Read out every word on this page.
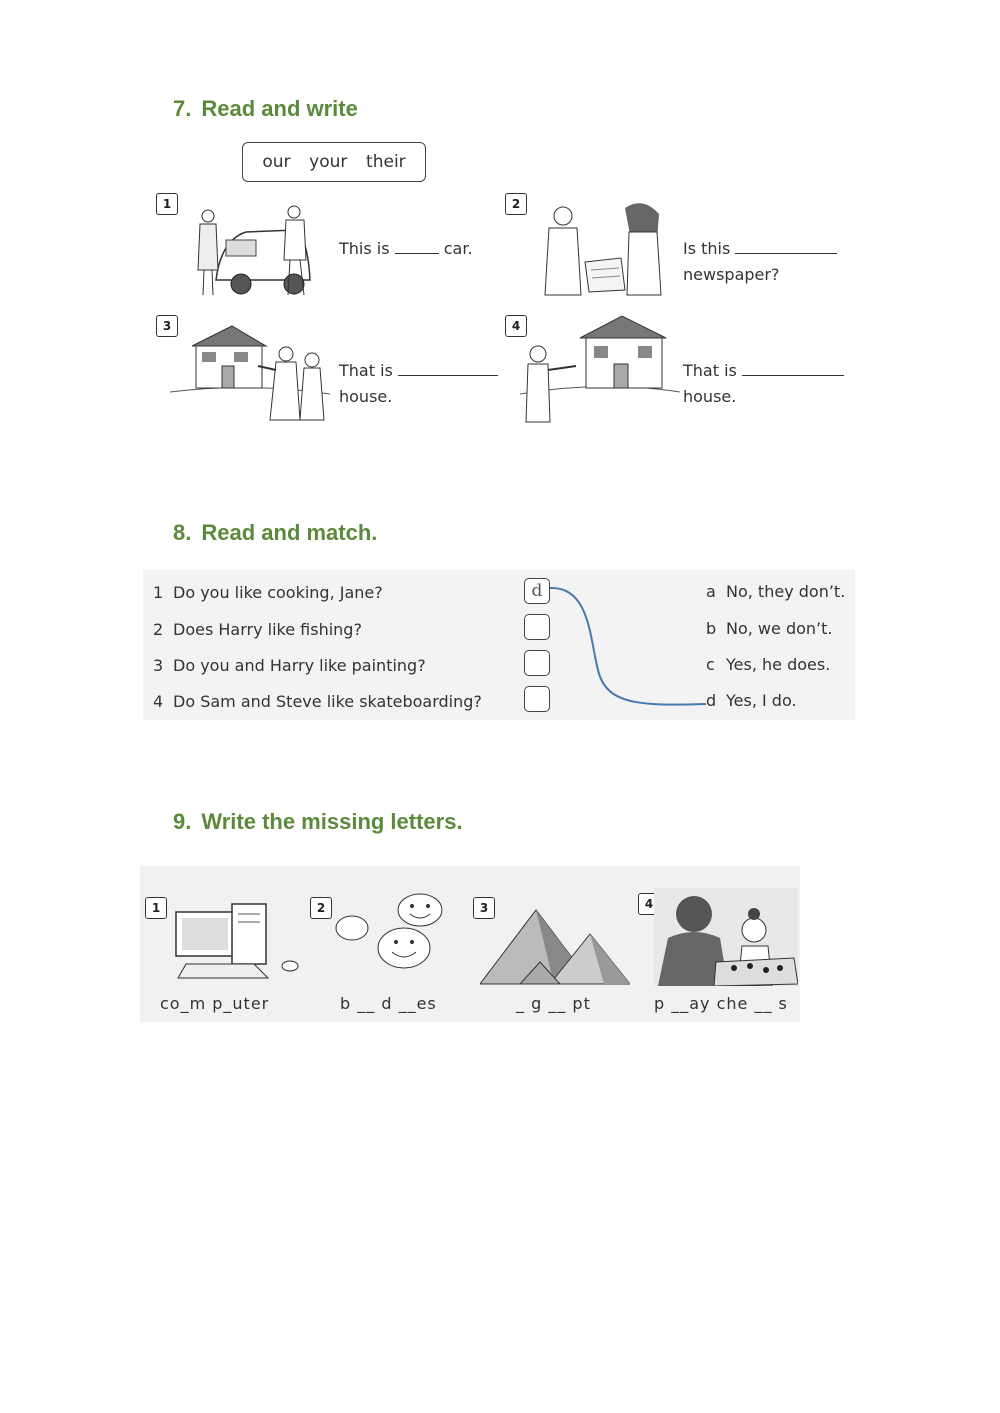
7. Read and write
our your their
1
This is	car.
2
Is this
newspaper?
3
That is
house.
4
That is
house.
8. Read and match.
1 Do you like cooking, Jane?
2 Does Harry like fishing?
3 Do you and Harry like painting?
4 Do Sam and Steve like skateboarding?
d	a No, they don’t.
b No, we don’t.
c Yes, he does.
d Yes, I do.
9. Write the missing letters.
1
co_m p_uter
2
b __ d __es
3
_ g __ pt
4
p __ay che __ s
